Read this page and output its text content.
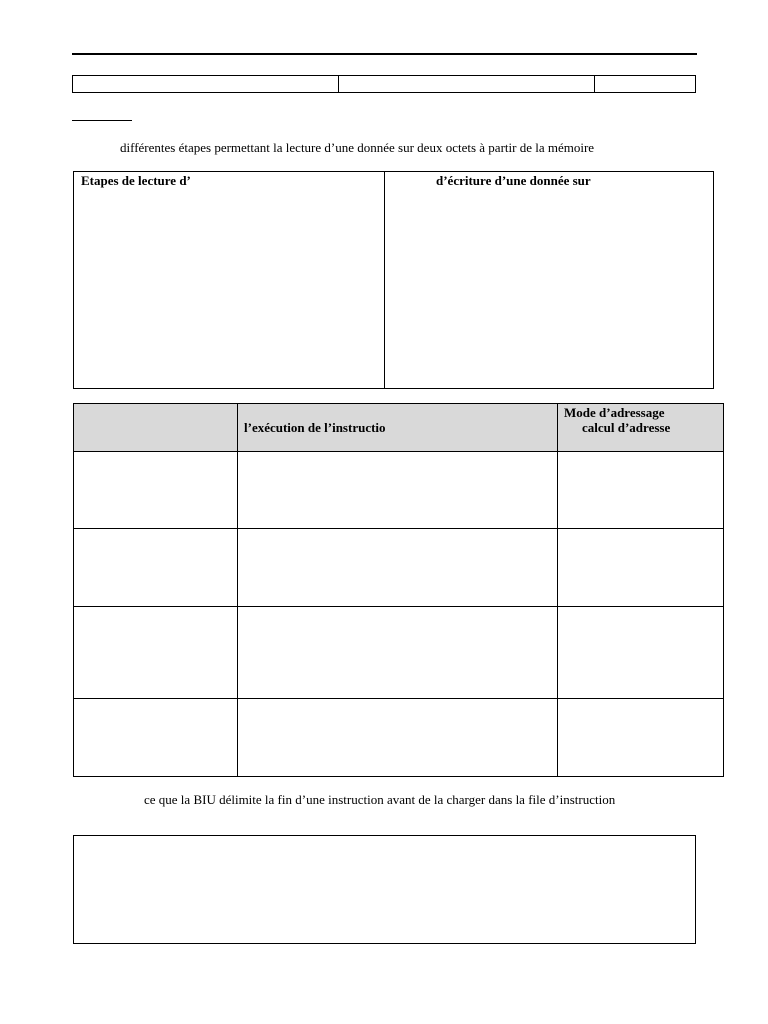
différentes étapes permettant la lecture d’une donnée sur deux octets à partir de la mémoire
Etapes de lecture d’	d’écriture d’une donnée sur

	l’exécution de l’instructio	Mode d’adressage
calcul d’adresse

ce que la BIU délimite la fin d’une instruction avant de la charger dans la file d’instruction
